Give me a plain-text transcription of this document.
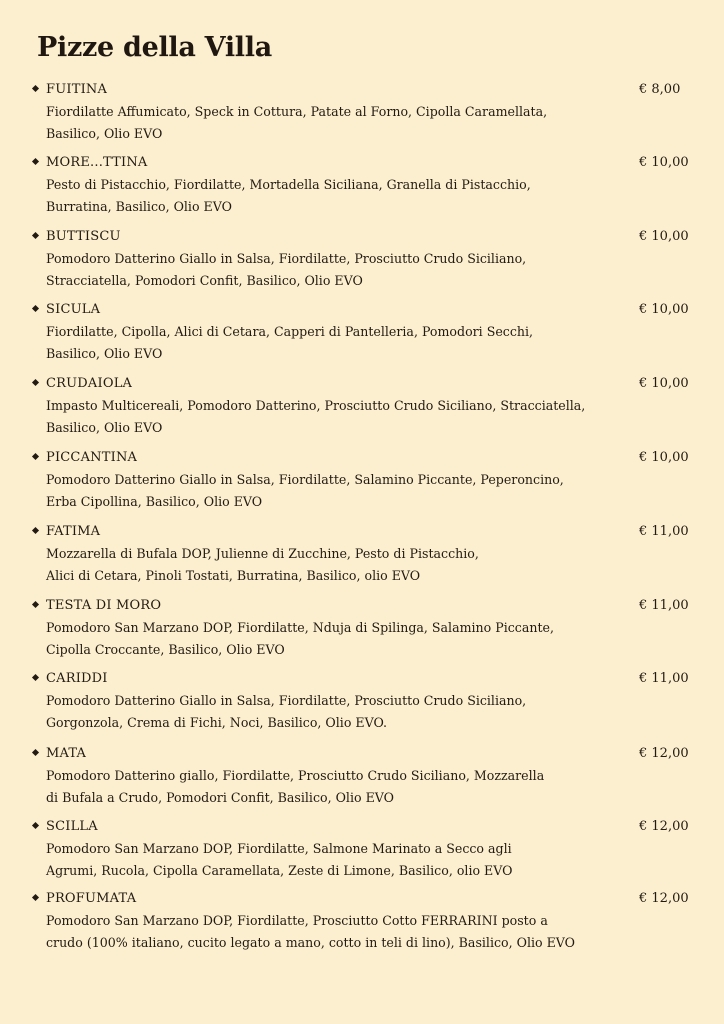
Pizze della Villa
FUITINA	€ 8,00
Fiordilatte Affumicato, Speck in Cottura, Patate al Forno, Cipolla Caramellata,
Basilico, Olio EVO
MORE...TTINA	€ 10,00
Pesto di Pistacchio, Fiordilatte, Mortadella Siciliana, Granella di Pistacchio,
Burratina, Basilico, Olio EVO
BUTTISCU	€ 10,00
Pomodoro Datterino Giallo in Salsa, Fiordilatte, Prosciutto Crudo Siciliano,
Stracciatella, Pomodori Confit, Basilico, Olio EVO
SICULA	€ 10,00
Fiordilatte, Cipolla, Alici di Cetara, Capperi di Pantelleria, Pomodori Secchi,
Basilico, Olio EVO
CRUDAIOLA	€ 10,00
Impasto Multicereali, Pomodoro Datterino, Prosciutto Crudo Siciliano, Stracciatella,
Basilico, Olio EVO
PICCANTINA	€ 10,00
Pomodoro Datterino Giallo in Salsa, Fiordilatte, Salamino Piccante, Peperoncino,
Erba Cipollina, Basilico, Olio EVO
FATIMA	€ 11,00
Mozzarella di Bufala DOP, Julienne di Zucchine, Pesto di Pistacchio,
Alici di Cetara, Pinoli Tostati, Burratina, Basilico, olio EVO
TESTA DI MORO	€ 11,00
Pomodoro San Marzano DOP, Fiordilatte, Nduja di Spilinga, Salamino Piccante,
Cipolla Croccante, Basilico, Olio EVO
CARIDDI	€ 11,00
Pomodoro Datterino Giallo in Salsa, Fiordilatte, Prosciutto Crudo Siciliano,
Gorgonzola, Crema di Fichi, Noci, Basilico, Olio EVO.
MATA	€ 12,00
Pomodoro Datterino giallo, Fiordilatte, Prosciutto Crudo Siciliano, Mozzarella
di Bufala a Crudo, Pomodori Confit, Basilico, Olio EVO
SCILLA	€ 12,00
Pomodoro San Marzano DOP, Fiordilatte, Salmone Marinato a Secco agli
Agrumi, Rucola, Cipolla Caramellata, Zeste di Limone, Basilico, olio EVO
PROFUMATA	€ 12,00
Pomodoro San Marzano DOP, Fiordilatte, Prosciutto Cotto FERRARINI posto a
crudo (100% italiano, cucito legato a mano, cotto in teli di lino), Basilico, Olio EVO
